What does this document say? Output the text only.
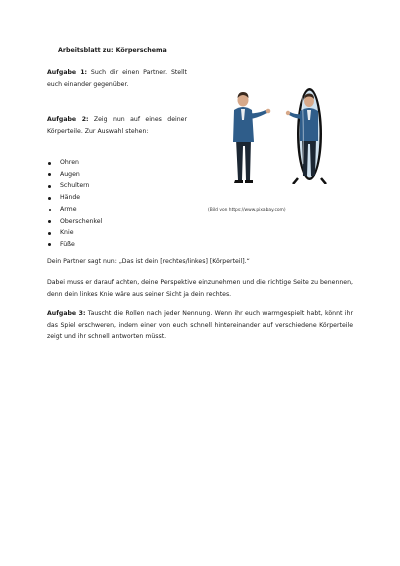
Arbeitsblatt zu: Körperschema
Aufgabe 1: Such dir einen Partner. Stellt euch einander gegenüber.
Aufgabe 2: Zeig nun auf eines deiner Körperteile. Zur Auswahl stehen:
Ohren
Augen
Schultern
Hände
Arme
Oberschenkel
Knie
Füße
(Bild von https://www.pixabay.com)
Dein Partner sagt nun: „Das ist dein [rechtes/linkes] [Körperteil].“
Dabei muss er darauf achten, deine Perspektive einzunehmen und die richtige Seite zu benennen, denn dein linkes Knie wäre aus seiner Sicht ja dein rechtes.
Aufgabe 3: Tauscht die Rollen nach jeder Nennung. Wenn ihr euch warmgespielt habt, könnt ihr das Spiel erschweren, indem einer von euch schnell hintereinander auf verschiedene Körperteile zeigt und ihr schnell antworten müsst.
